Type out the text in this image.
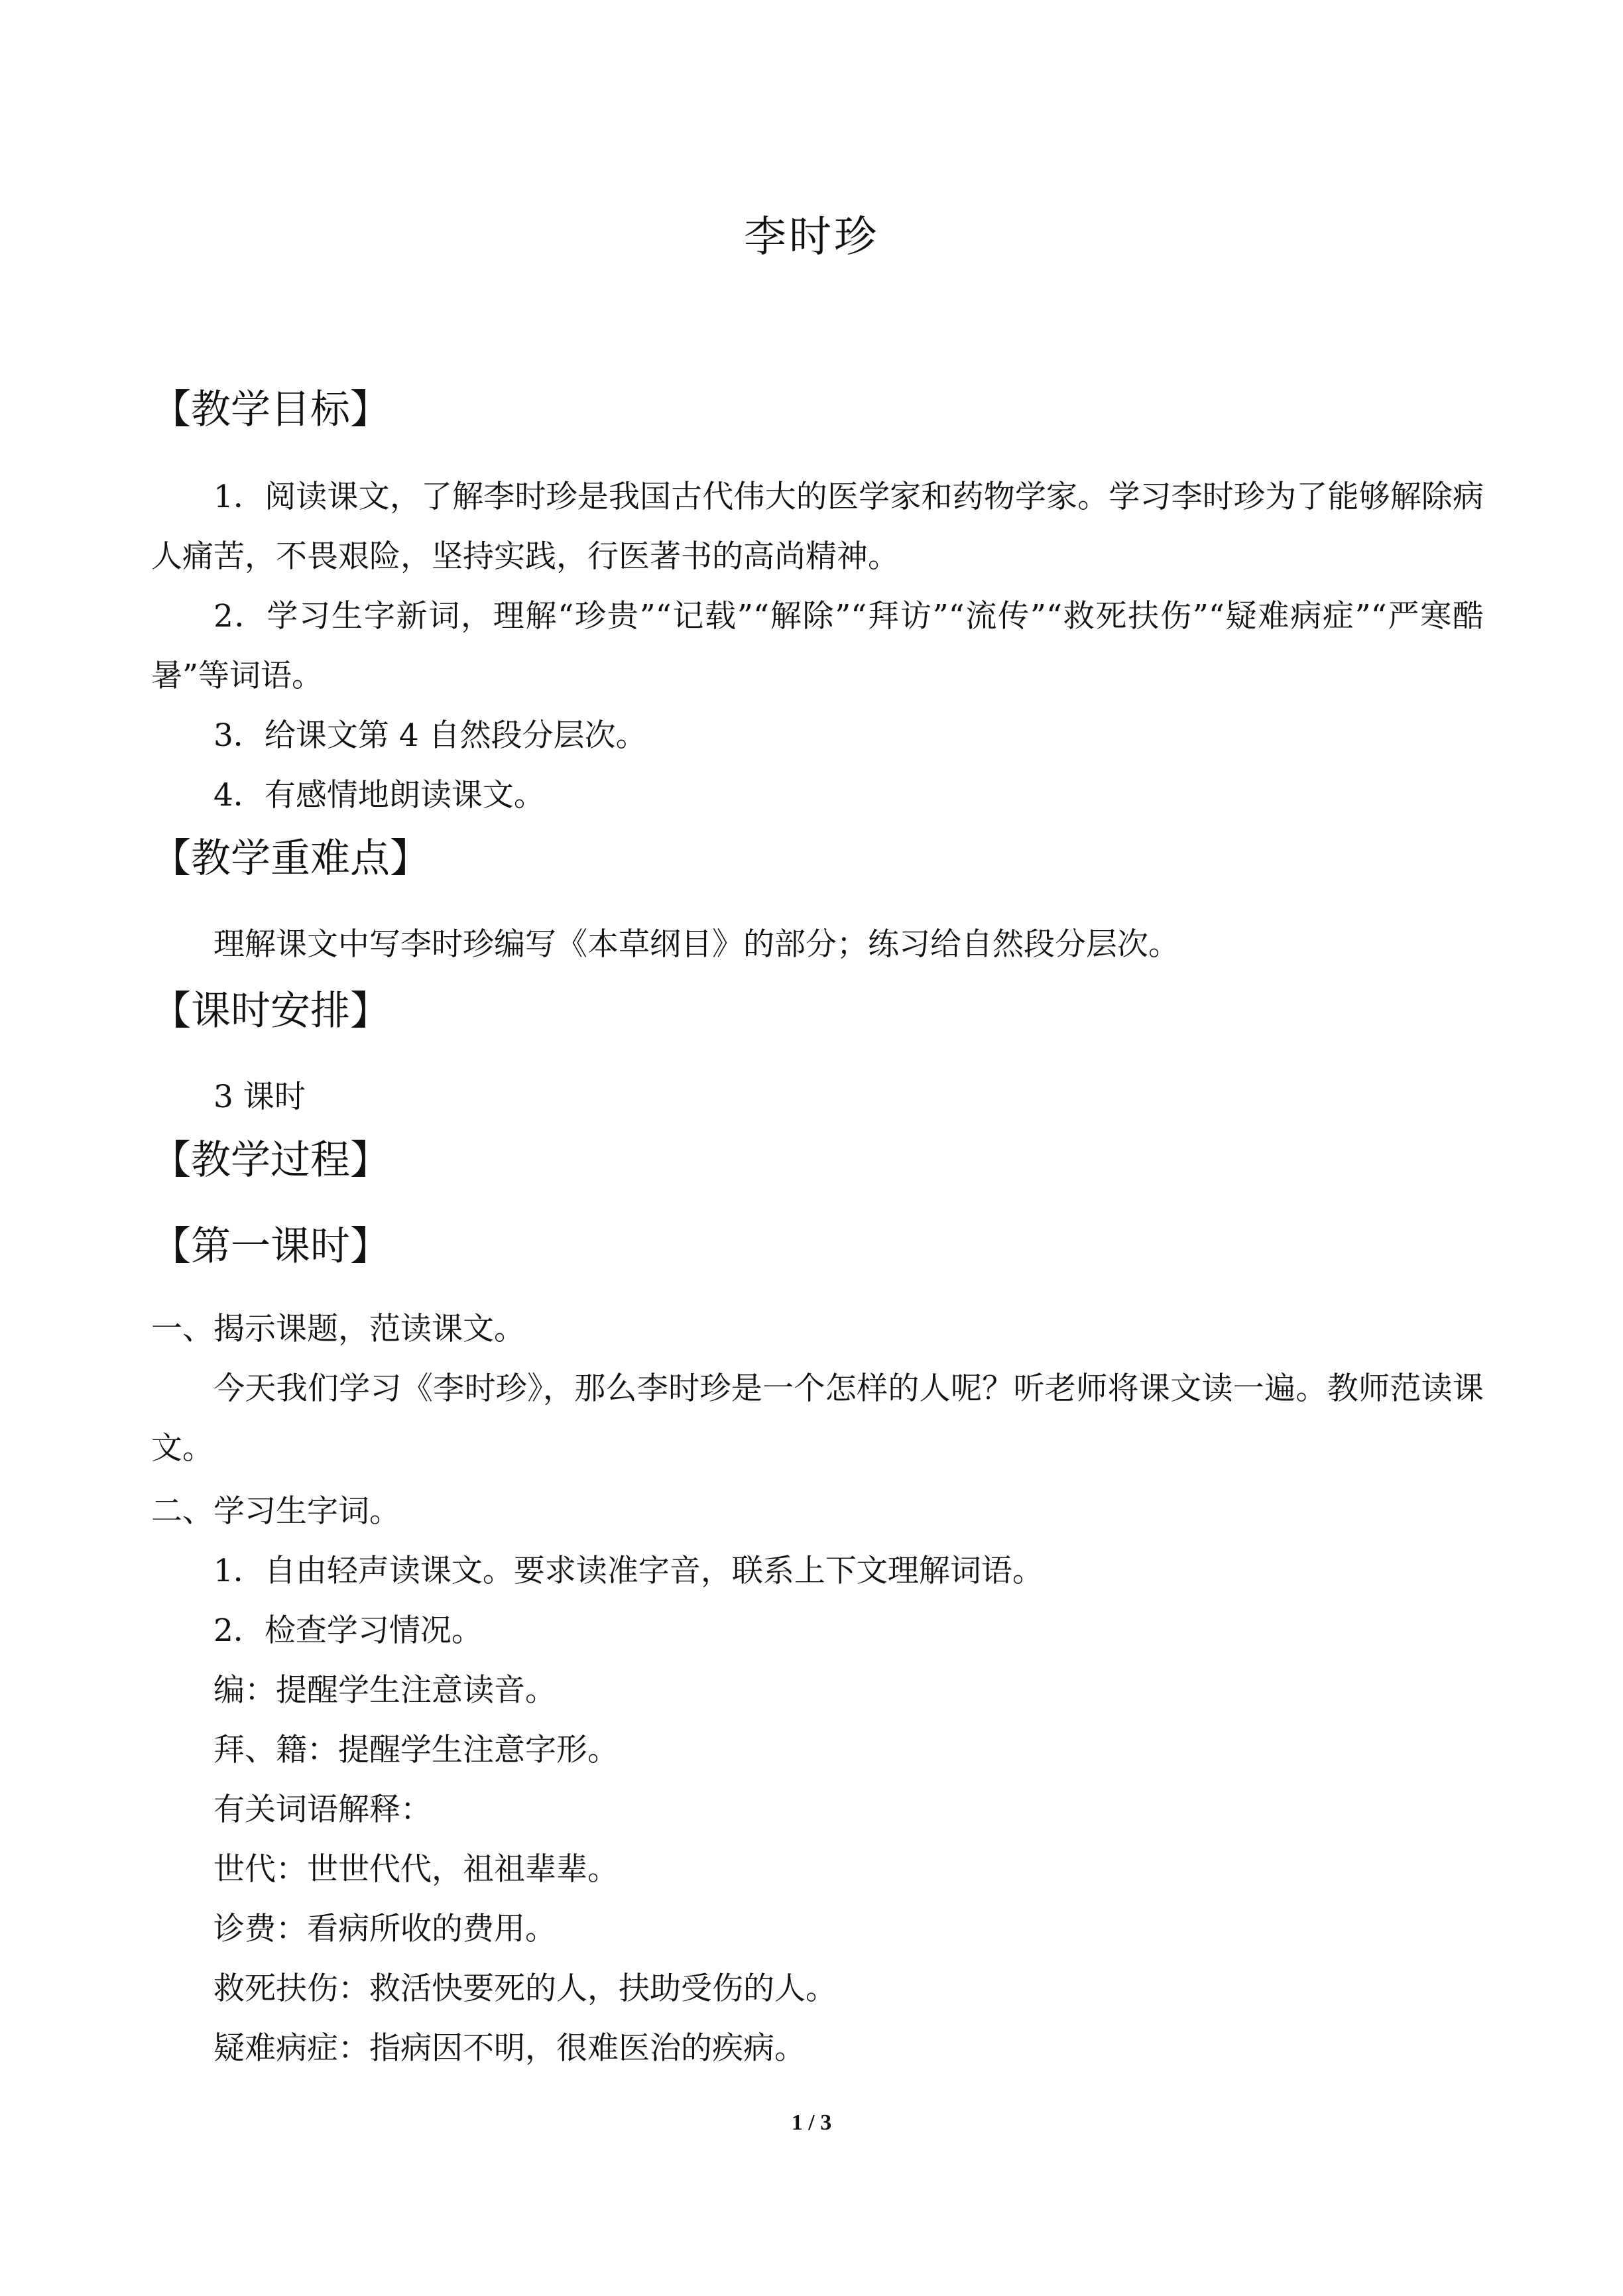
李时珍
【教学目标】
1．阅读课文，了解李时珍是我国古代伟大的医学家和药物学家。学习李时珍为了能够解除病人痛苦，不畏艰险，坚持实践，行医著书的高尚精神。
2．学习生字新词，理解“珍贵”“记载”“解除”“拜访”“流传”“救死扶伤”“疑难病症”“严寒酷暑”等词语。
3．给课文第 4 自然段分层次。
4．有感情地朗读课文。
【教学重难点】
理解课文中写李时珍编写《本草纲目》的部分；练习给自然段分层次。
【课时安排】
3 课时
【教学过程】
【第一课时】
一、揭示课题，范读课文。
今天我们学习《李时珍》，那么李时珍是一个怎样的人呢？听老师将课文读一遍。教师范读课文。
二、学习生字词。
1．自由轻声读课文。要求读准字音，联系上下文理解词语。
2．检查学习情况。
编：提醒学生注意读音。
拜、籍：提醒学生注意字形。
有关词语解释：
世代：世世代代，祖祖辈辈。
诊费：看病所收的费用。
救死扶伤：救活快要死的人，扶助受伤的人。
疑难病症：指病因不明，很难医治的疾病。
1 / 3
